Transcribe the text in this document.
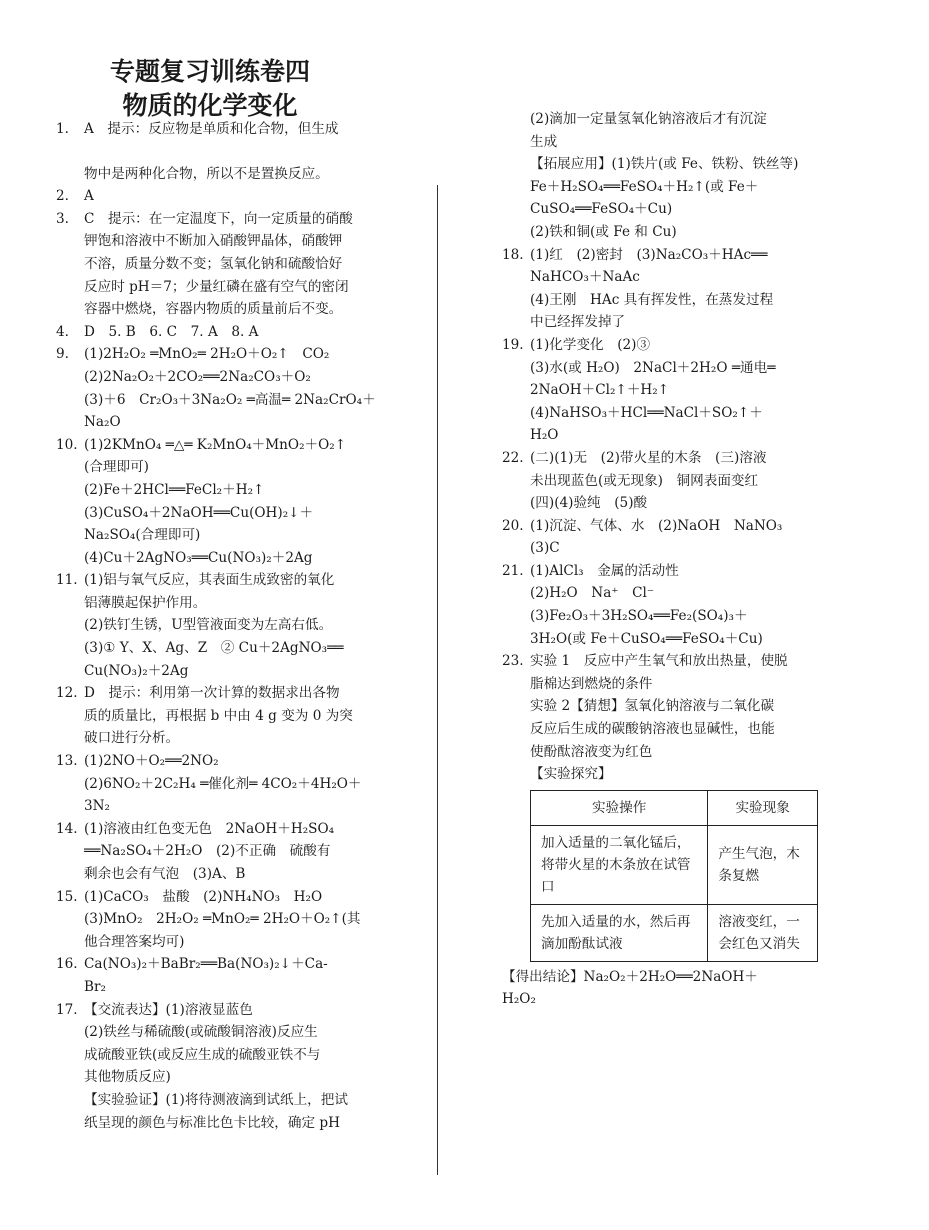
专题复习训练卷四
物质的化学变化
1.	A　提示：反应物是单质和化合物，但生成
物中是两种化合物，所以不是置换反应。
2.	A
3.	C　提示：在一定温度下，向一定质量的硝酸
钾饱和溶液中不断加入硝酸钾晶体，硝酸钾
不溶，质量分数不变；氢氧化钠和硫酸恰好
反应时 pH＝7；少量红磷在盛有空气的密闭
容器中燃烧，容器内物质的质量前后不变。
4.	D　5. B　6. C　7. A　8. A
9.	(1)2H₂O₂ ═MnO₂═ 2H₂O＋O₂↑　CO₂
(2)2Na₂O₂＋2CO₂══2Na₂CO₃＋O₂
(3)＋6　Cr₂O₃＋3Na₂O₂ ═高温═ 2Na₂CrO₄＋
Na₂O
10. (1)2KMnO₄ ═△═ K₂MnO₄＋MnO₂＋O₂↑
(合理即可)
(2)Fe＋2HCl══FeCl₂＋H₂↑
(3)CuSO₄＋2NaOH══Cu(OH)₂↓＋
Na₂SO₄(合理即可)
(4)Cu＋2AgNO₃══Cu(NO₃)₂＋2Ag
11. (1)铝与氧气反应，其表面生成致密的氧化
铝薄膜起保护作用。
(2)铁钉生锈，U型管液面变为左高右低。
(3)① Y、X、Ag、Z　② Cu＋2AgNO₃══
Cu(NO₃)₂＋2Ag
12. D　提示：利用第一次计算的数据求出各物
质的质量比，再根据 b 中由 4 g 变为 0 为突
破口进行分析。
13. (1)2NO＋O₂══2NO₂
(2)6NO₂＋2C₂H₄ ═催化剂═ 4CO₂＋4H₂O＋
3N₂
14. (1)溶液由红色变无色　2NaOH＋H₂SO₄
══Na₂SO₄＋2H₂O　(2)不正确　硫酸有
剩余也会有气泡　(3)A、B
15. (1)CaCO₃　盐酸　(2)NH₄NO₃　H₂O
(3)MnO₂　2H₂O₂ ═MnO₂═ 2H₂O＋O₂↑(其
他合理答案均可)
16. Ca(NO₃)₂＋BaBr₂══Ba(NO₃)₂↓＋Ca-
Br₂
17. 【交流表达】(1)溶液显蓝色
(2)铁丝与稀硫酸(或硫酸铜溶液)反应生
成硫酸亚铁(或反应生成的硫酸亚铁不与
其他物质反应)
【实验验证】(1)将待测液滴到试纸上，把试
纸呈现的颜色与标准比色卡比较，确定 pH
(2)滴加一定量氢氧化钠溶液后才有沉淀
生成
【拓展应用】(1)铁片(或 Fe、铁粉、铁丝等)
Fe＋H₂SO₄══FeSO₄＋H₂↑(或 Fe＋
CuSO₄══FeSO₄＋Cu)
(2)铁和铜(或 Fe 和 Cu)
18. (1)红　(2)密封　(3)Na₂CO₃＋HAc══
NaHCO₃＋NaAc
(4)王刚　HAc 具有挥发性，在蒸发过程
中已经挥发掉了
19. (1)化学变化　(2)③
(3)水(或 H₂O)　2NaCl＋2H₂O ═通电═
2NaOH＋Cl₂↑＋H₂↑
(4)NaHSO₃＋HCl══NaCl＋SO₂↑＋
H₂O
22. (二)(1)无　(2)带火星的木条　(三)溶液
未出现蓝色(或无现象)　铜网表面变红
(四)(4)验纯　(5)酸
20. (1)沉淀、气体、水　(2)NaOH　NaNO₃
(3)C
21. (1)AlCl₃　金属的活动性
(2)H₂O　Na⁺　Cl⁻
(3)Fe₂O₃＋3H₂SO₄══Fe₂(SO₄)₃＋
3H₂O(或 Fe＋CuSO₄══FeSO₄＋Cu)
23. 实验 1　反应中产生氧气和放出热量，使脱
脂棉达到燃烧的条件
实验 2【猜想】氢氧化钠溶液与二氧化碳
反应后生成的碳酸钠溶液也显碱性，也能
使酚酞溶液变为红色
【实验探究】
实验操作	实验现象
加入适量的二氧化锰后，将带火星的木条放在试管口	产生气泡，木条复燃
先加入适量的水，然后再滴加酚酞试液	溶液变红，一会红色又消失
【得出结论】Na₂O₂＋2H₂O══2NaOH＋
H₂O₂
